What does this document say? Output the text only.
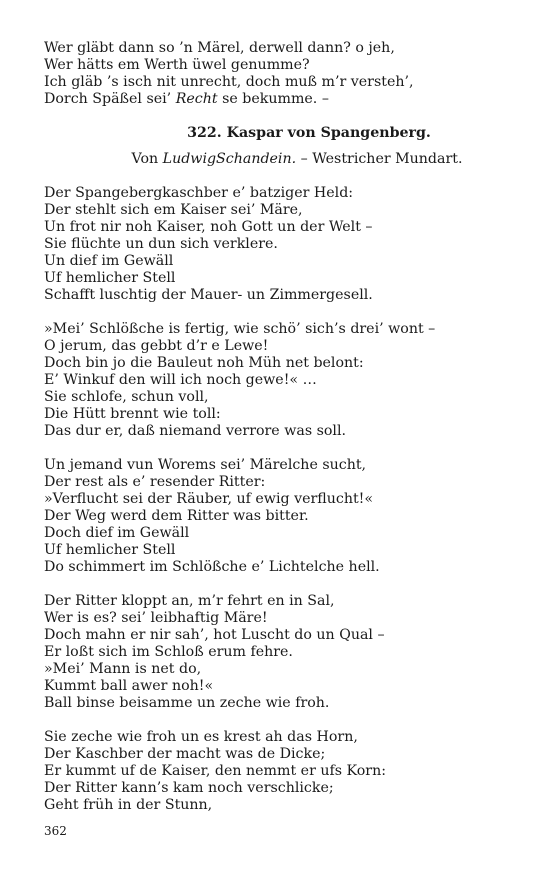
Wer gläbt dann so ’n Märel, derwell dann? o jeh,
Wer hätts em Werth üwel genumme?
Ich gläb ’s isch nit unrecht, doch muß m’r versteh’,
Dorch Späßel sei’ Recht se bekumme. –
322. Kaspar von Spangenberg.
Von LudwigSchandein. – Westricher Mundart.
Der Spangebergkaschber e’ batziger Held:
Der stehlt sich em Kaiser sei’ Märe,
Un frot nir noh Kaiser, noh Gott un der Welt –
Sie flüchte un dun sich verklere.
Un dief im Gewäll
Uf hemlicher Stell
Schafft luschtig der Mauer- un Zimmergesell.
»Mei’ Schlößche is fertig, wie schö’ sich’s drei’ wont –
O jerum, das gebbt d’r e Lewe!
Doch bin jo die Bauleut noh Müh net belont:
E’ Winkuf den will ich noch gewe!« …
Sie schlofe, schun voll,
Die Hütt brennt wie toll:
Das dur er, daß niemand verrore was soll.
Un jemand vun Worems sei’ Märelche sucht,
Der rest als e’ resender Ritter:
»Verflucht sei der Räuber, uf ewig verflucht!«
Der Weg werd dem Ritter was bitter.
Doch dief im Gewäll
Uf hemlicher Stell
Do schimmert im Schlößche e’ Lichtelche hell.
Der Ritter kloppt an, m’r fehrt en in Sal,
Wer is es? sei’ leibhaftig Märe!
Doch mahn er nir sah’, hot Luscht do un Qual –
Er loßt sich im Schloß erum fehre.
»Mei’ Mann is net do,
Kummt ball awer noh!«
Ball binse beisamme un zeche wie froh.
Sie zeche wie froh un es krest ah das Horn,
Der Kaschber der macht was de Dicke;
Er kummt uf de Kaiser, den nemmt er ufs Korn:
Der Ritter kann’s kam noch verschlicke;
Geht früh in der Stunn,
362
